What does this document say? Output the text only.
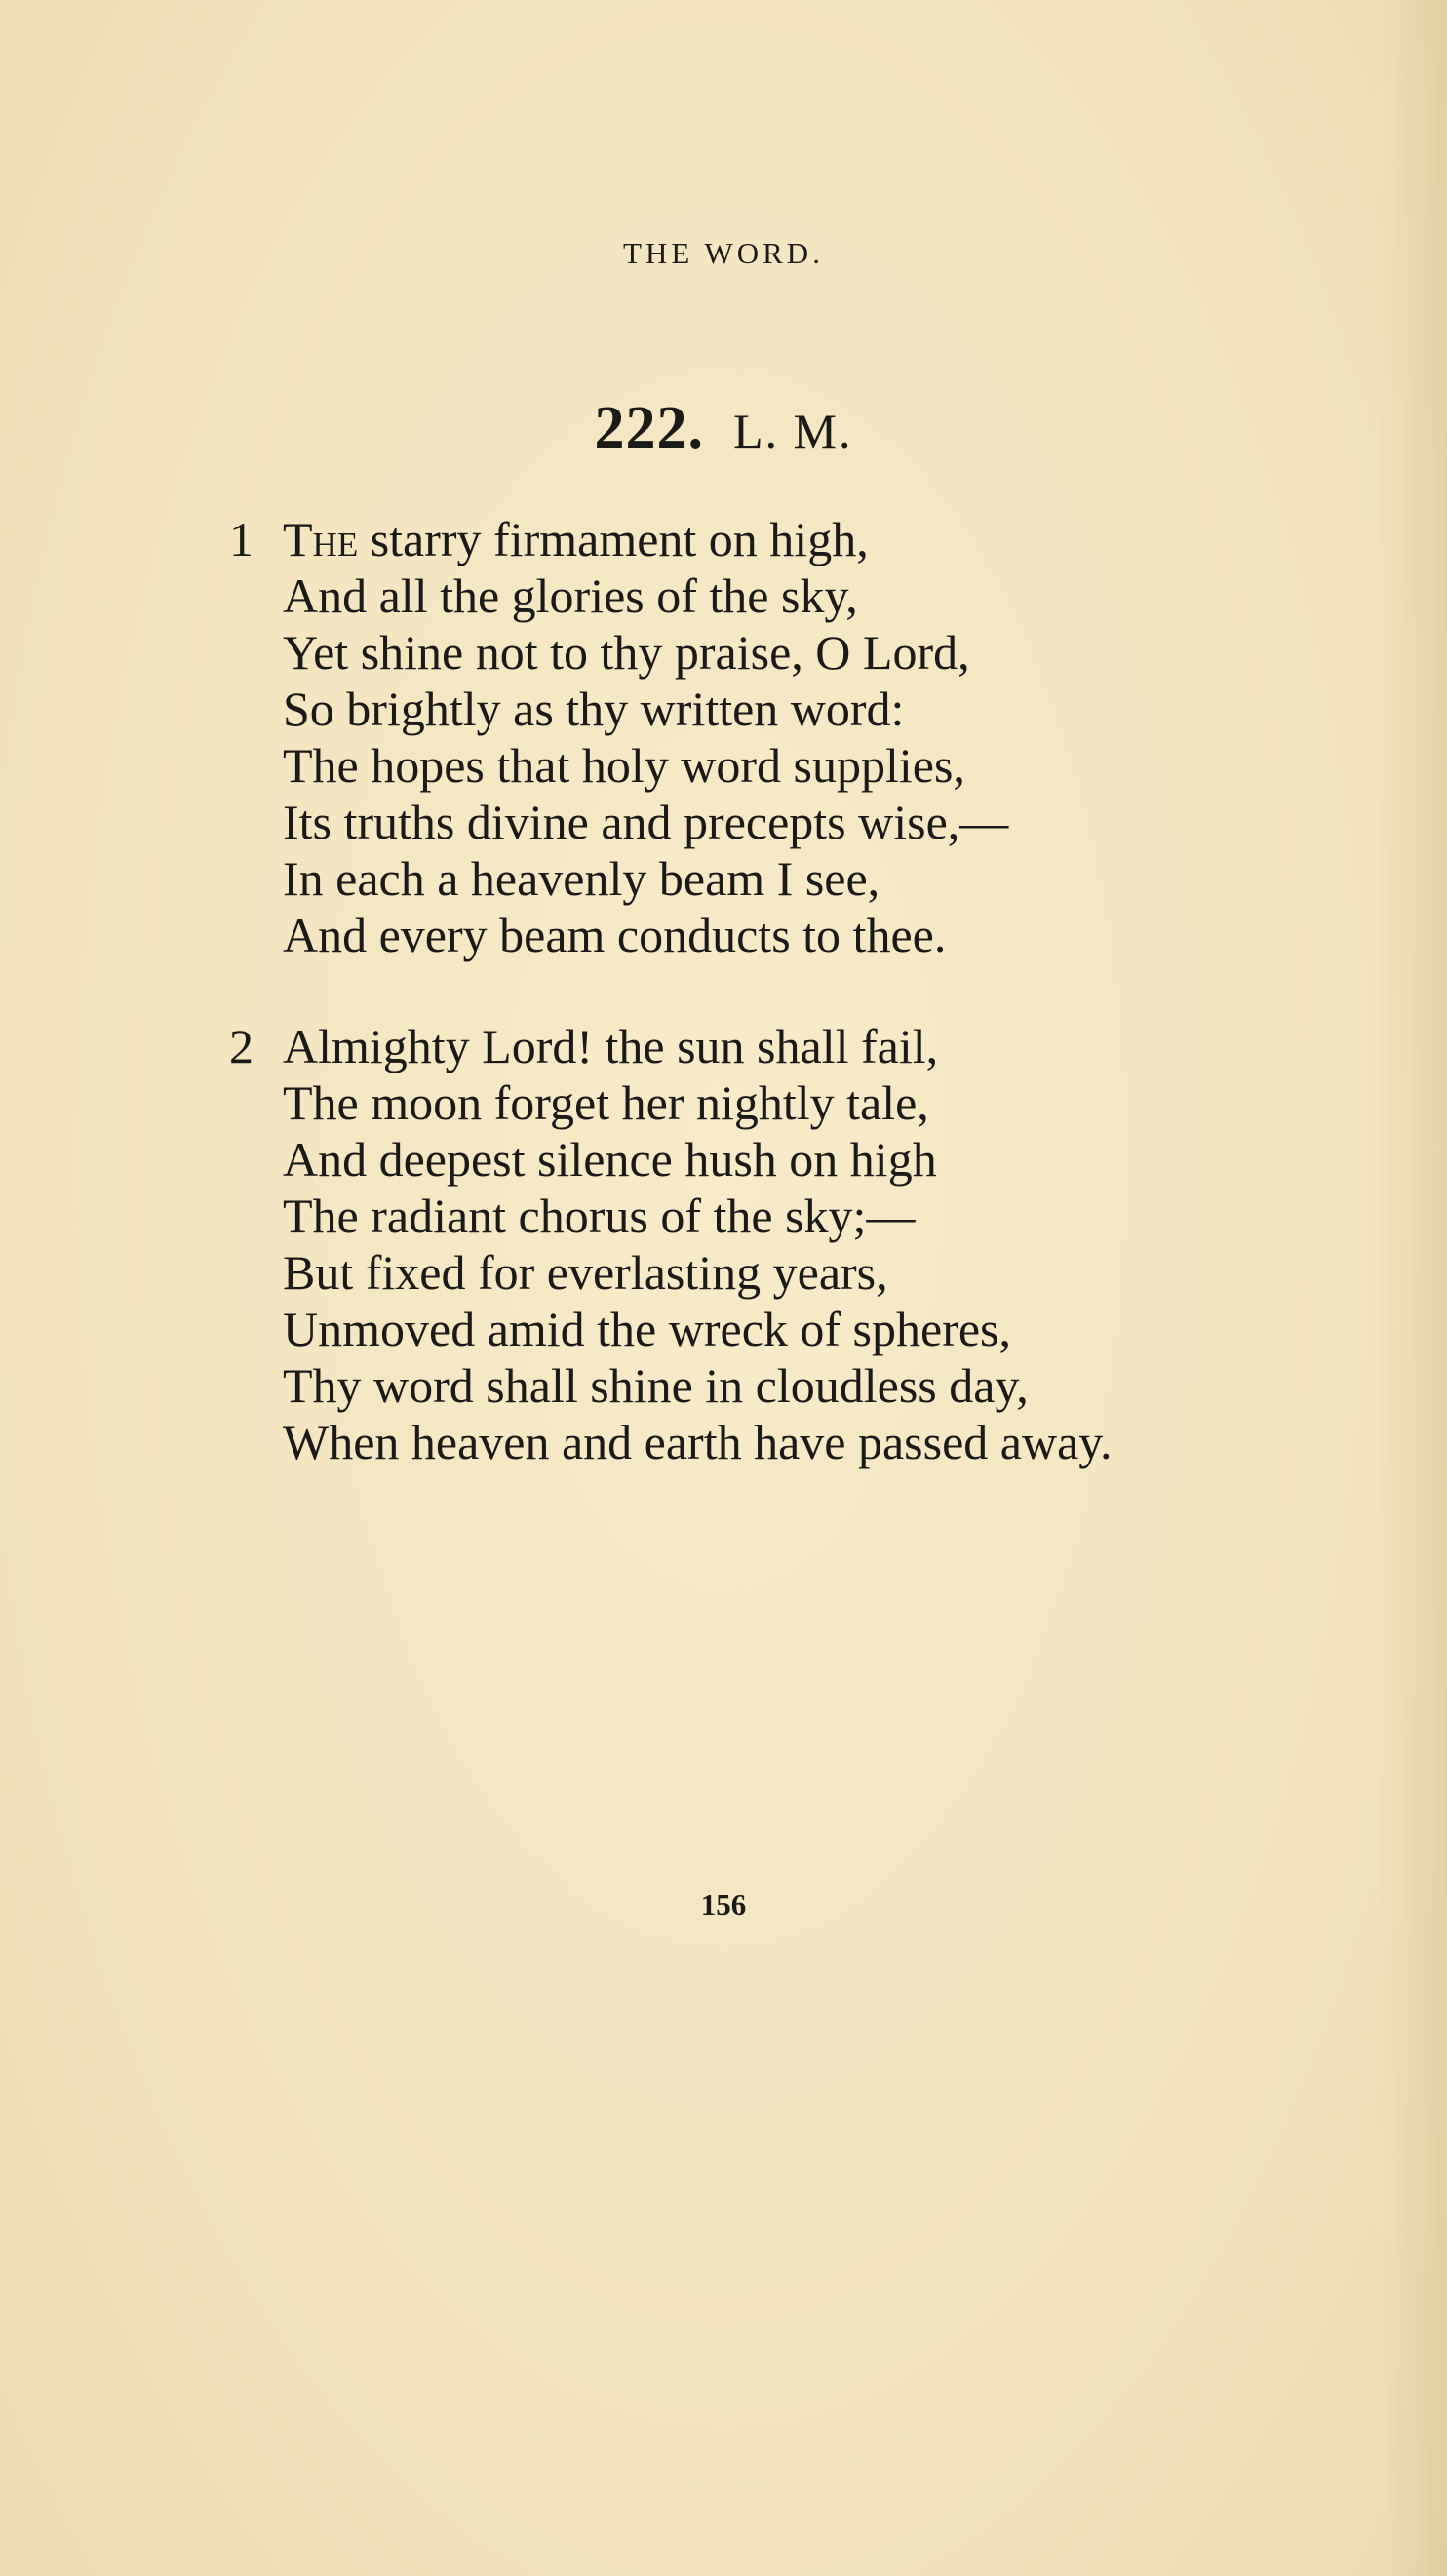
THE WORD.
222. L. M.
1 The starry firmament on high,
And all the glories of the sky,
Yet shine not to thy praise, O Lord,
So brightly as thy written word:
The hopes that holy word supplies,
Its truths divine and precepts wise,—
In each a heavenly beam I see,
And every beam conducts to thee.
2 Almighty Lord! the sun shall fail,
The moon forget her nightly tale,
And deepest silence hush on high
The radiant chorus of the sky;—
But fixed for everlasting years,
Unmoved amid the wreck of spheres,
Thy word shall shine in cloudless day,
When heaven and earth have passed away.
156
